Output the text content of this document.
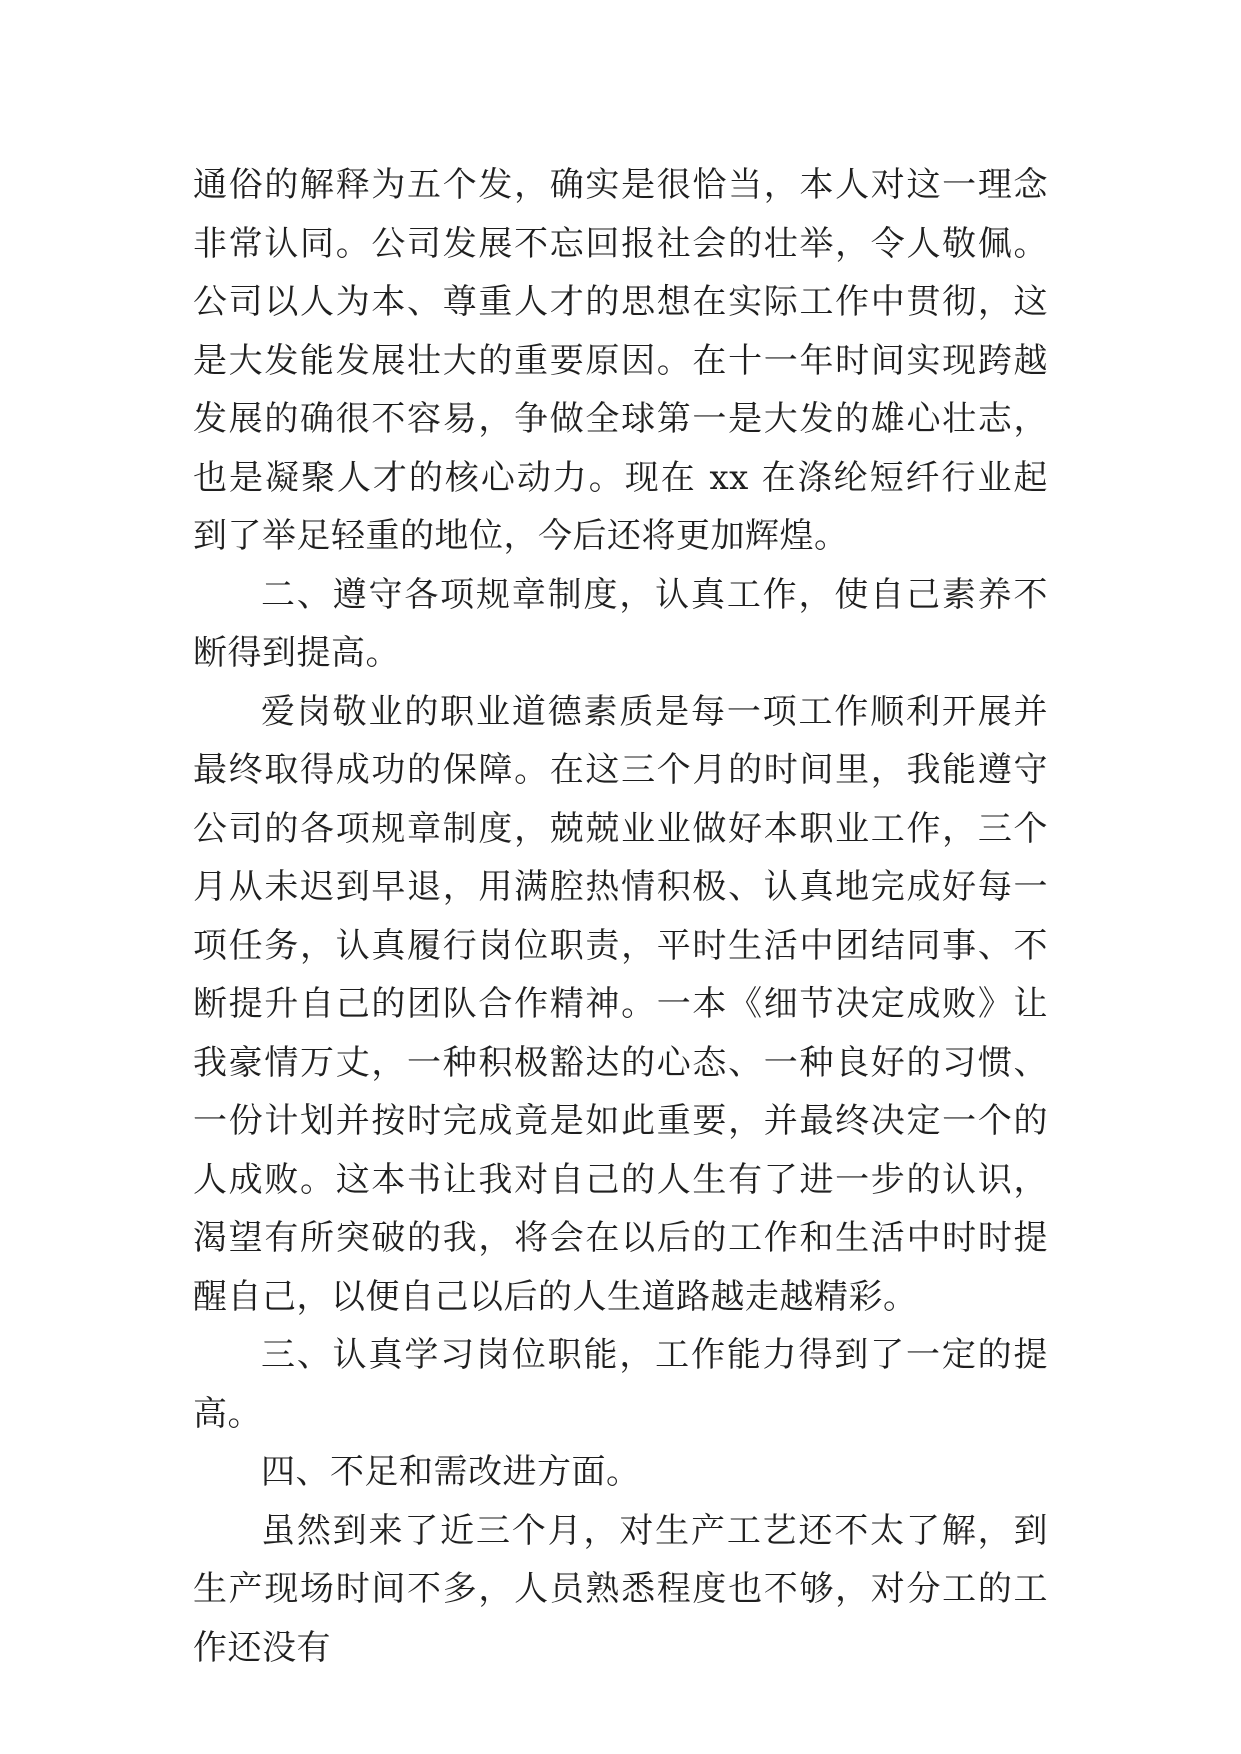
通俗的解释为五个发，确实是很恰当，本人对这一理念非常认同。公司发展不忘回报社会的壮举，令人敬佩。公司以人为本、尊重人才的思想在实际工作中贯彻，这是大发能发展壮大的重要原因。在十一年时间实现跨越发展的确很不容易，争做全球第一是大发的雄心壮志，也是凝聚人才的核心动力。现在 xx 在涤纶短纤行业起到了举足轻重的地位，今后还将更加辉煌。

二、遵守各项规章制度，认真工作，使自己素养不断得到提高。

爱岗敬业的职业道德素质是每一项工作顺利开展并最终取得成功的保障。在这三个月的时间里，我能遵守公司的各项规章制度，兢兢业业做好本职业工作，三个月从未迟到早退，用满腔热情积极、认真地完成好每一项任务，认真履行岗位职责，平时生活中团结同事、不断提升自己的团队合作精神。一本《细节决定成败》让我豪情万丈，一种积极豁达的心态、一种良好的习惯、一份计划并按时完成竟是如此重要，并最终决定一个的人成败。这本书让我对自己的人生有了进一步的认识，渴望有所突破的我，将会在以后的工作和生活中时时提醒自己，以便自己以后的人生道路越走越精彩。

三、认真学习岗位职能，工作能力得到了一定的提高。

四、不足和需改进方面。

虽然到来了近三个月，对生产工艺还不太了解，到生产现场时间不多，人员熟悉程度也不够，对分工的工作还没有
